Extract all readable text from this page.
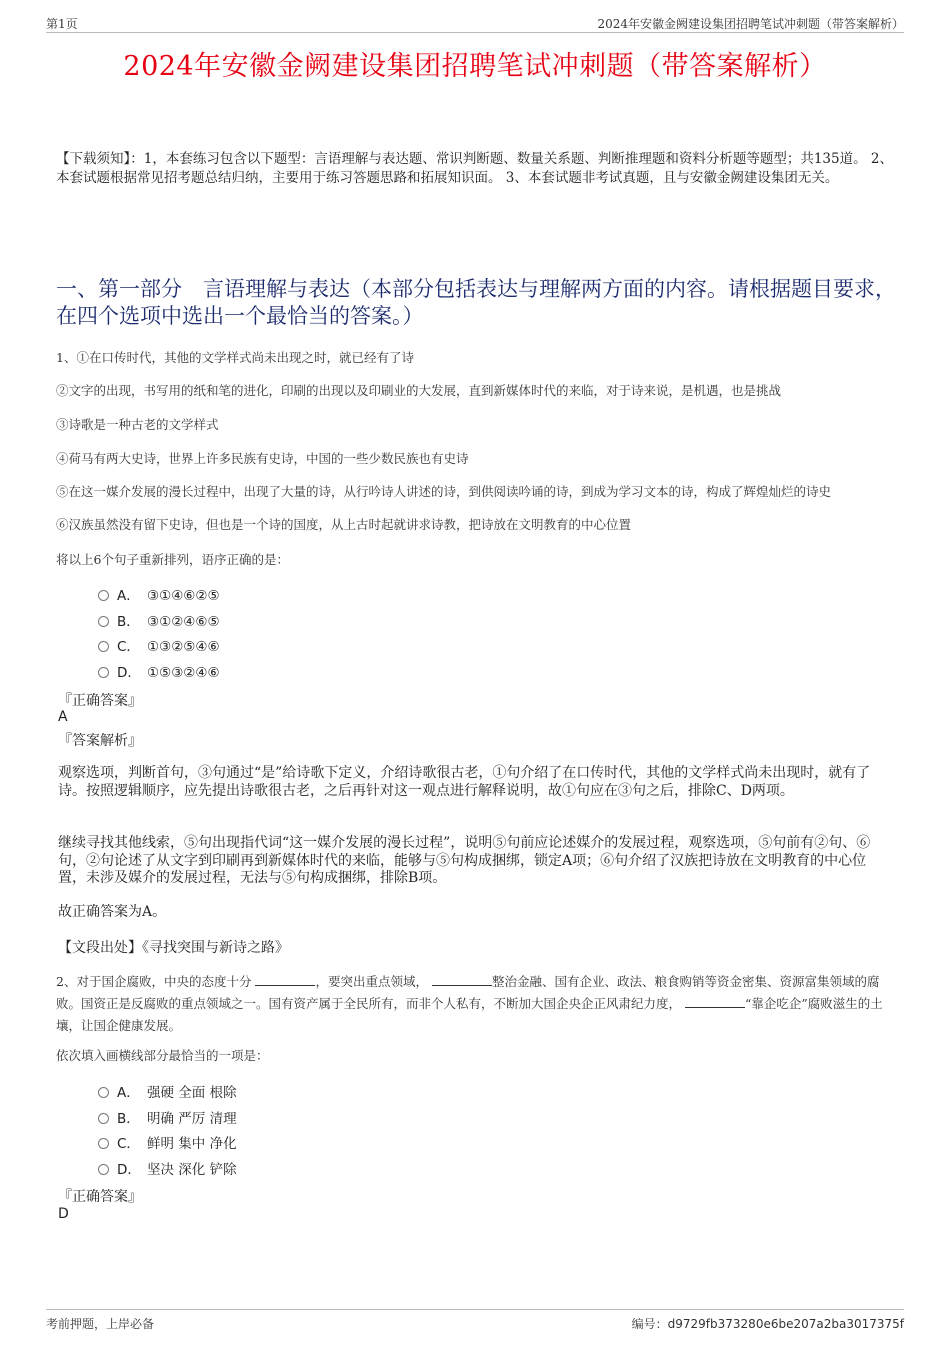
第1页	2024年安徽金阙建设集团招聘笔试冲刺题（带答案解析）
2024年安徽金阙建设集团招聘笔试冲刺题（带答案解析）
【下载须知】：1，本套练习包含以下题型：言语理解与表达题、常识判断题、数量关系题、判断推理题和资料分析题等题型；共135道。 2、本套试题根据常见招考题总结归纳，主要用于练习答题思路和拓展知识面。 3、本套试题非考试真题，且与安徽金阙建设集团无关。
一、第一部分　言语理解与表达（本部分包括表达与理解两方面的内容。请根据题目要求，在四个选项中选出一个最恰当的答案。）
1、①在口传时代，其他的文学样式尚未出现之时，就已经有了诗
②文字的出现，书写用的纸和笔的进化，印刷的出现以及印刷业的大发展，直到新媒体时代的来临，对于诗来说，是机遇，也是挑战
③诗歌是一种古老的文学样式
④荷马有两大史诗，世界上许多民族有史诗，中国的一些少数民族也有史诗
⑤在这一媒介发展的漫长过程中，出现了大量的诗，从行吟诗人讲述的诗，到供阅读吟诵的诗，到成为学习文本的诗，构成了辉煌灿烂的诗史
⑥汉族虽然没有留下史诗，但也是一个诗的国度，从上古时起就讲求诗教，把诗放在文明教育的中心位置
将以上6个句子重新排列，语序正确的是：
A． ③①④⑥②⑤
B． ③①②④⑥⑤
C． ①③②⑤④⑥
D． ①⑤③②④⑥
『正确答案』
A
『答案解析』
观察选项，判断首句，③句通过“是”给诗歌下定义，介绍诗歌很古老，①句介绍了在口传时代，其他的文学样式尚未出现时，就有了诗。按照逻辑顺序，应先提出诗歌很古老，之后再针对这一观点进行解释说明，故①句应在③句之后，排除C、D两项。
继续寻找其他线索，⑤句出现指代词“这一媒介发展的漫长过程”，说明⑤句前应论述媒介的发展过程，观察选项，⑤句前有②句、⑥句，②句论述了从文字到印刷再到新媒体时代的来临，能够与⑤句构成捆绑，锁定A项；⑥句介绍了汉族把诗放在文明教育的中心位置，未涉及媒介的发展过程，无法与⑤句构成捆绑，排除B项。
故正确答案为A。
【文段出处】《寻找突围与新诗之路》
2、对于国企腐败，中央的态度十分	，要突出重点领域，	整治金融、国有企业、政法、粮食购销等资金密集、资源富集领域的腐败。国资正是反腐败的重点领域之一。国有资产属于全民所有，而非个人私有，不断加大国企央企正风肃纪力度，	“靠企吃企”腐败滋生的土壤，让国企健康发展。
依次填入画横线部分最恰当的一项是：
A． 强硬 全面 根除
B． 明确 严厉 清理
C． 鲜明 集中 净化
D． 坚决 深化 铲除
『正确答案』
D
考前押题，上岸必备	编号：d9729fb373280e6be207a2ba3017375f
